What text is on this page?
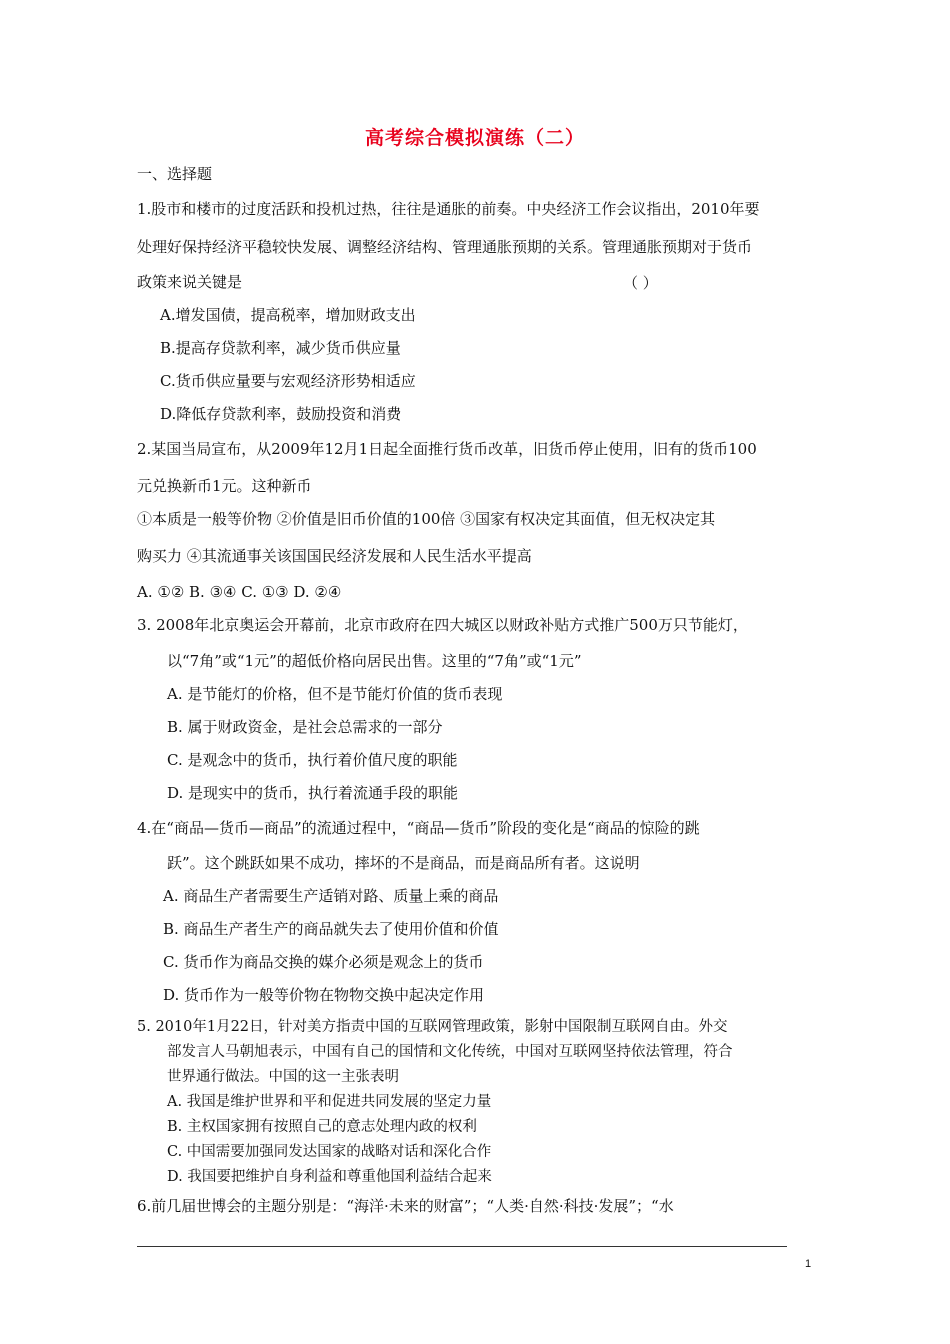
高考综合模拟演练（二）
一、选择题
1.股市和楼市的过度活跃和投机过热，往往是通胀的前奏。中央经济工作会议指出，2010年要
处理好保持经济平稳较快发展、调整经济结构、管理通胀预期的关系。管理通胀预期对于货币
政策来说关键是	（ ）
A.增发国债，提高税率，增加财政支出
B.提高存贷款利率，减少货币供应量
C.货币供应量要与宏观经济形势相适应
D.降低存贷款利率，鼓励投资和消费
2.某国当局宣布，从2009年12月1日起全面推行货币改革，旧货币停止使用，旧有的货币100
元兑换新币1元。这种新币
①本质是一般等价物 ②价值是旧币价值的100倍 ③国家有权决定其面值，但无权决定其
购买力 ④其流通事关该国国民经济发展和人民生活水平提高
A. ①② B. ③④ C. ①③ D. ②④
3. 2008年北京奥运会开幕前，北京市政府在四大城区以财政补贴方式推广500万只节能灯，
以“7角”或“1元”的超低价格向居民出售。这里的“7角”或“1元”
A. 是节能灯的价格，但不是节能灯价值的货币表现
B. 属于财政资金，是社会总需求的一部分
C. 是观念中的货币，执行着价值尺度的职能
D. 是现实中的货币，执行着流通手段的职能
4.在“商品—货币—商品”的流通过程中，“商品—货币”阶段的变化是“商品的惊险的跳
跃”。这个跳跃如果不成功，摔坏的不是商品，而是商品所有者。这说明
A. 商品生产者需要生产适销对路、质量上乘的商品
B. 商品生产者生产的商品就失去了使用价值和价值
C. 货币作为商品交换的媒介必须是观念上的货币
D. 货币作为一般等价物在物物交换中起决定作用
5. 2010年1月22日，针对美方指责中国的互联网管理政策，影射中国限制互联网自由。外交
部发言人马朝旭表示，中国有自己的国情和文化传统，中国对互联网坚持依法管理，符合
世界通行做法。中国的这一主张表明
A. 我国是维护世界和平和促进共同发展的坚定力量
B. 主权国家拥有按照自己的意志处理内政的权利
C. 中国需要加强同发达国家的战略对话和深化合作
D. 我国要把维护自身利益和尊重他国利益结合起来
6.前几届世博会的主题分别是：“海洋·未来的财富”；“人类·自然·科技·发展”；“水
1
